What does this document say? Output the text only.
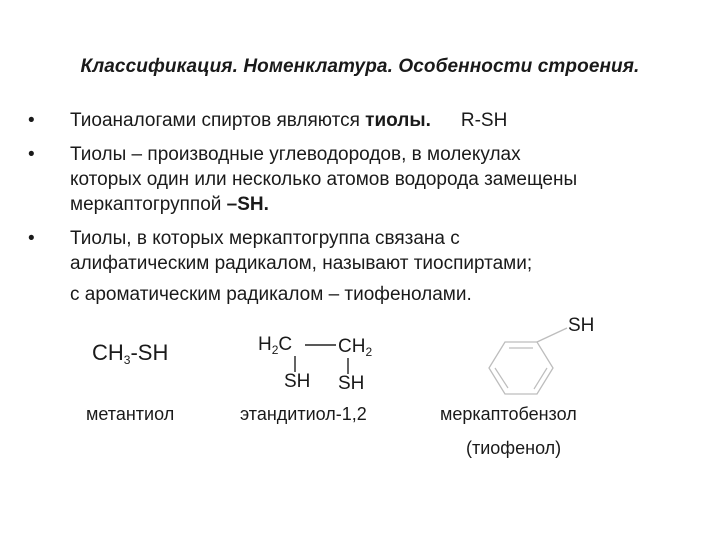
Классификация. Номенклатура. Особенности строения.
• Тиоаналогами спиртов являются тиолы. R-SH
• Тиолы – производные углеводородов, в молекулах
которых один или несколько атомов водорода замещены
меркаптогруппой –SH.
• Тиолы, в которых меркаптогруппа связана с
алифатическим радикалом, называют тиоспиртами;
с ароматическим радикалом – тиофенолами.
$CH_3-SH$
метантиол
$H_2C$ $CH_2$
SH SH
этандитиол-1,2
SH
меркаптобензол
(тиофенол)
